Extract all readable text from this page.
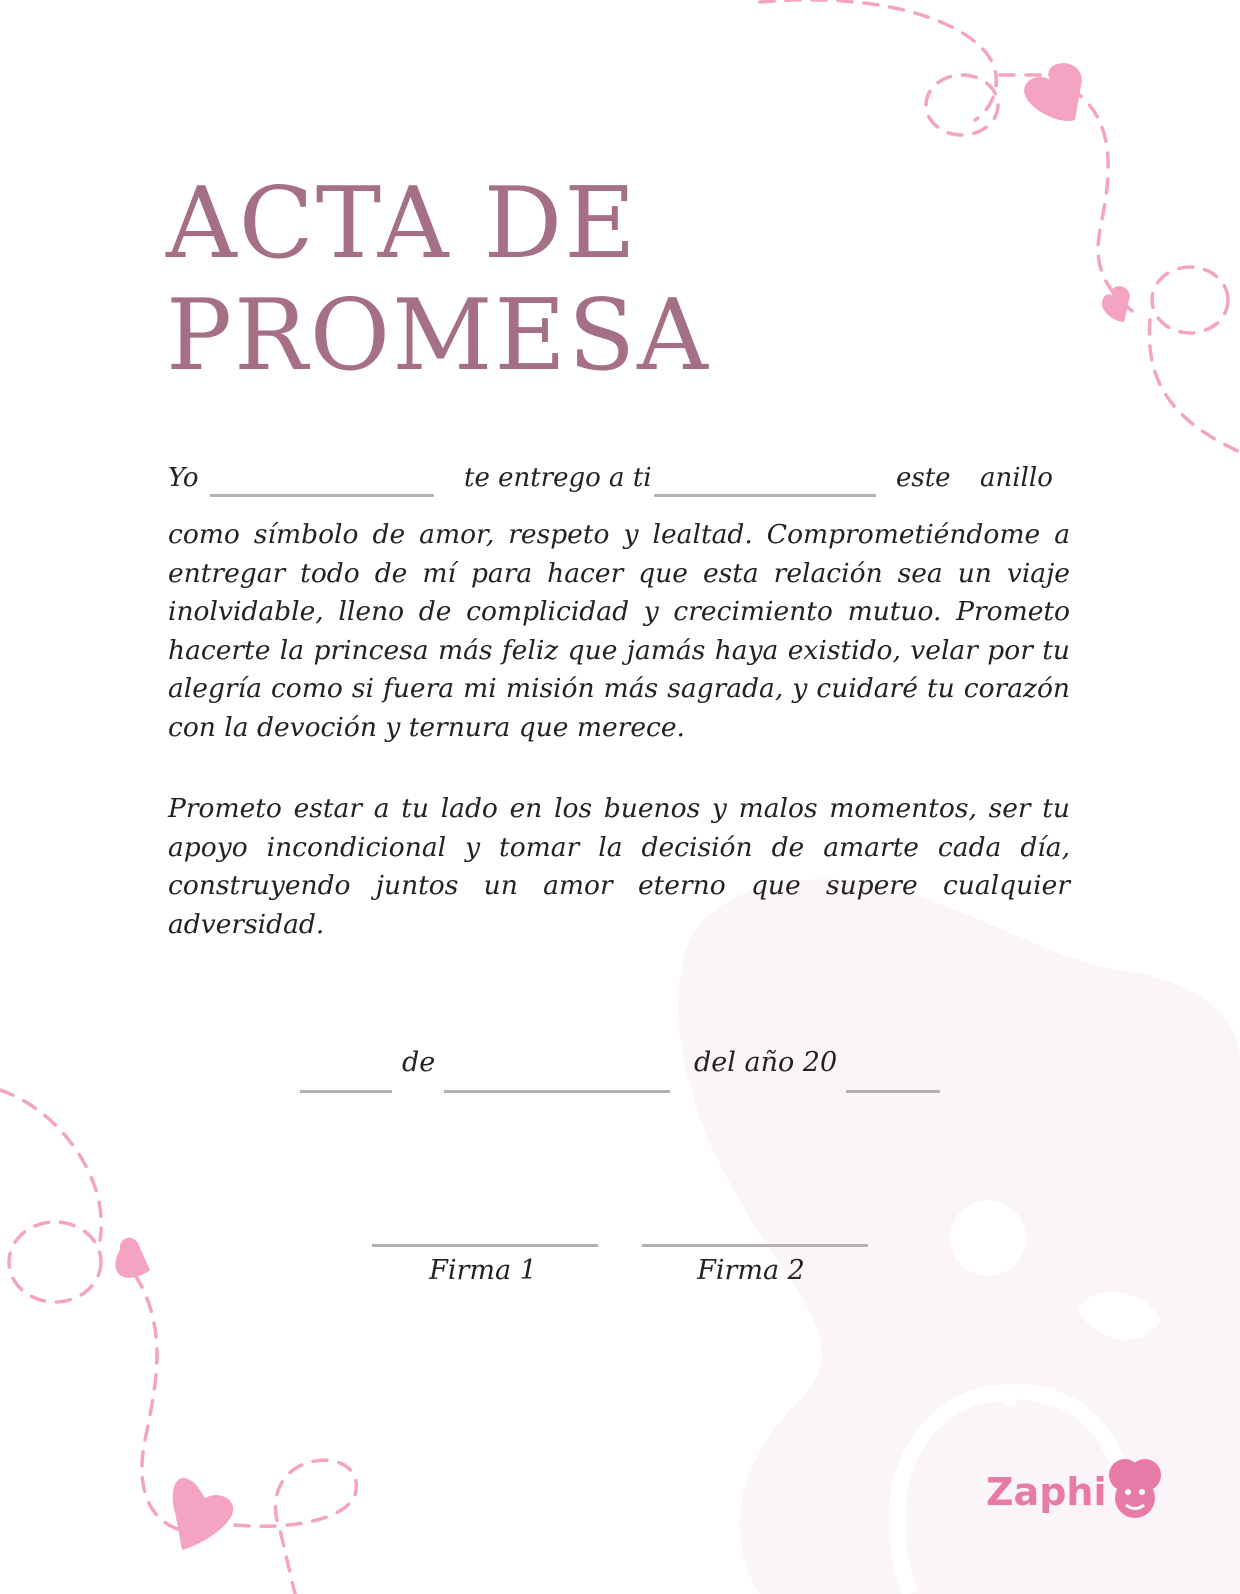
ACTA DE
PROMESA
Yo	te entrego a ti	este anillo

como símbolo de amor, respeto y lealtad. Comprometiéndome a entregar todo de mí para hacer que esta relación sea un viaje inolvidable, lleno de complicidad y crecimiento mutuo. Prometo hacerte la princesa más feliz que jamás haya existido, velar por tu alegría como si fuera mi misión más sagrada, y cuidaré tu corazón con la devoción y ternura que merece.

Prometo estar a tu lado en los buenos y malos momentos, ser tu apoyo incondicional y tomar la decisión de amarte cada día, construyendo juntos un amor eterno que supere cualquier adversidad.

de	del año 20
Firma 1	Firma 2
Zaphi
